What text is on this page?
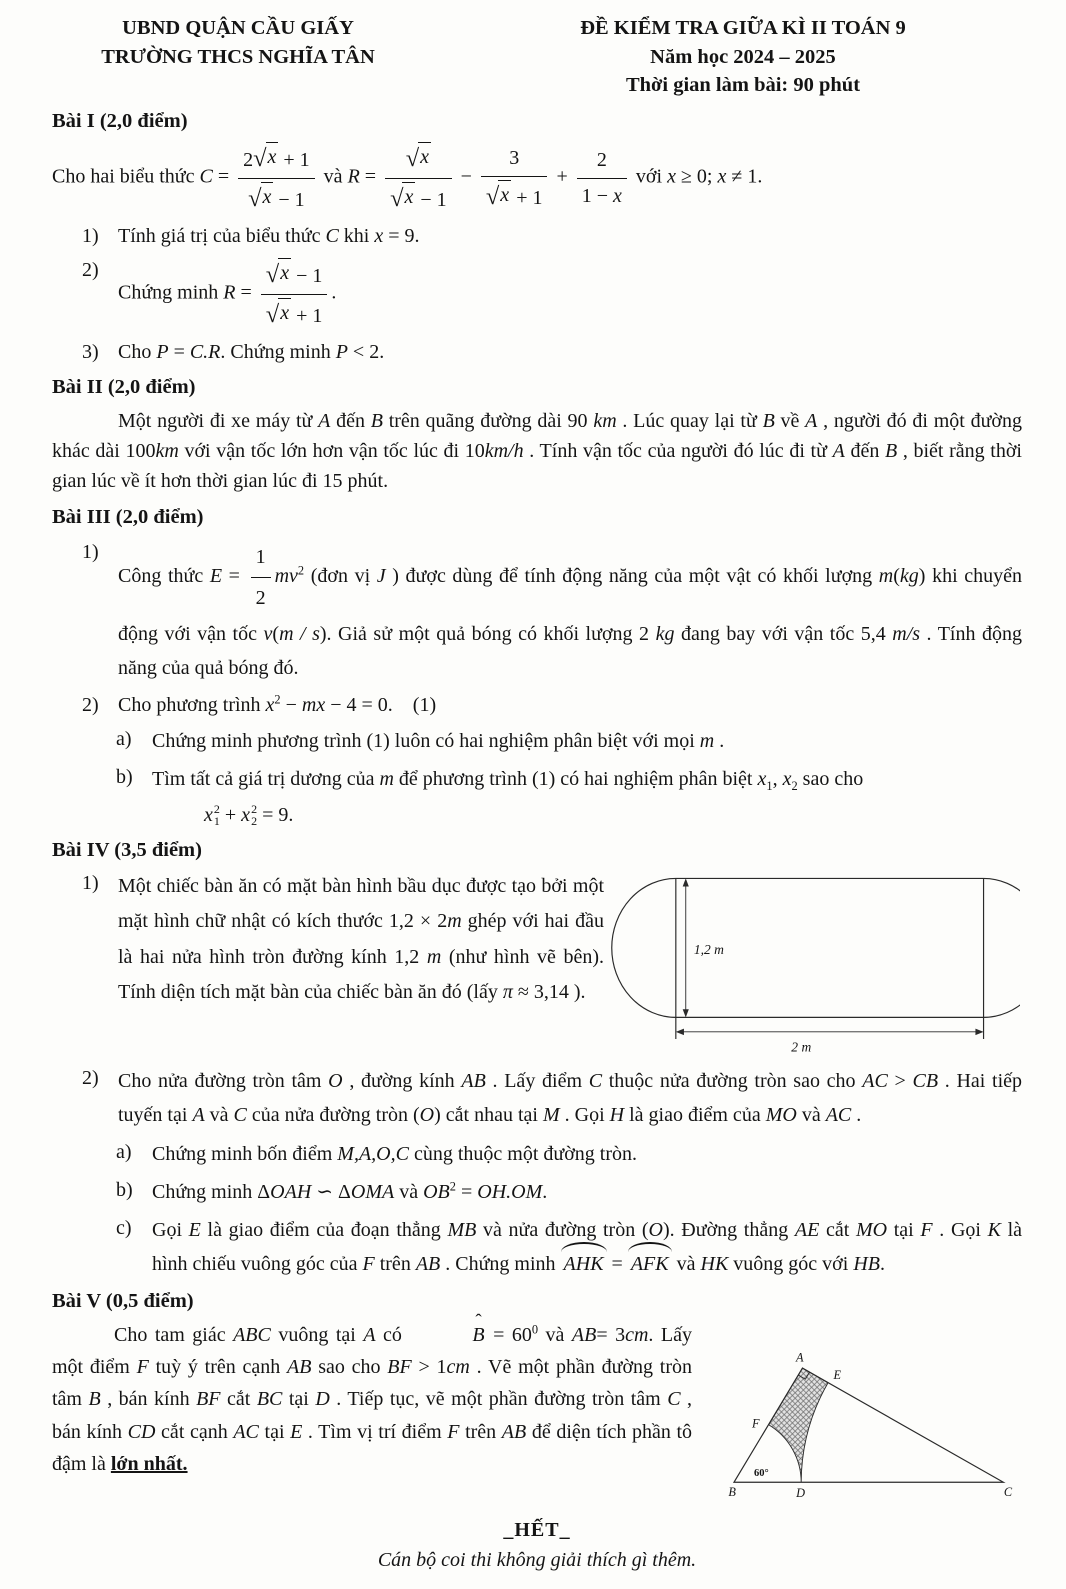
UBND QUẬN CẦU GIẤY
TRƯỜNG THCS NGHĨA TÂN
ĐỀ KIỂM TRA GIỮA KÌ II TOÁN 9
Năm học 2024 – 2025
Thời gian làm bài: 90 phút
Bài I (2,0 điểm)

Cho hai biểu thức $C = \frac{2 √ x + 1}{√ x - 1}$ và $R = \frac{√ x}{√ x - 1} - \frac{3}{√ x + 1} + \frac{2}{1 - x}$ với x ≥ 0; x ≠ 1.

1) Tính giá trị của biểu thức C khi x = 9.
2)
Chứng minh $R = \frac{√ x - 1}{√ x + 1}$ .
3) Cho P = C.R. Chứng minh P < 2.
Bài II (2,0 điểm)

Một người đi xe máy từ A đến B trên quãng đường dài 90 km . Lúc quay lại từ B về A , người đó đi một đường khác dài 100km với vận tốc lớn hơn vận tốc lúc đi 10km/h . Tính vận tốc của người đó lúc đi từ A đến B , biết rằng thời gian lúc về ít hơn thời gian lúc đi 15 phút.

Bài III (2,0 điểm)
1)
Công thức $E = \frac{1}{2} mv^2$ (đơn vị J ) được dùng để tính động năng của một vật có khối lượng m(kg) khi chuyển động với vận tốc v(m / s). Giả sử một quả bóng có khối lượng 2 kg đang bay với vận tốc 5,4 m/s . Tính động năng của quả bóng đó.
2) Cho phương trình $x^2$ − mx − 4 = 0.    (1)
a)	Chứng minh phương trình (1) luôn có hai nghiệm phân biệt với mọi m .
b) Tìm tất cả giá trị dương của m để phương trình (1) có hai nghiệm phân biệt $x_1$, $x_2$ sao cho
x 2
1 + x 2
2 = 9.
Bài IV (3,5 điểm)
1) Một chiếc bàn ăn có mặt bàn hình bầu dục được tạo bởi một mặt hình chữ nhật có kích thước 1,2 × 2m ghép với hai đầu là hai nửa hình tròn đường kính 1,2 m (như hình vẽ bên). Tính diện tích mặt bàn của chiếc bàn ăn đó (lấy π ≈ 3,14 ).
1,2 m
2 m
2) Cho nửa đường tròn tâm O , đường kính AB . Lấy điểm C thuộc nửa đường tròn sao cho AC > CB . Hai tiếp tuyến tại A và C của nửa đường tròn (O) cắt nhau tại M . Gọi H là giao điểm của MO và AC .
a)	Chứng minh bốn điểm M,A,O,C cùng thuộc một đường tròn.
b) Chứng minh ΔOAH ∽ ΔOMA và $OB^2 = OH.OM$.
c)	Gọi E là giao điểm của đoạn thẳng MB và nửa đường tròn (O). Đường thẳng AE cắt MO tại F . Gọi K là hình chiếu vuông góc của F trên AB . Chứng minh AHK = AFK và HK vuông góc với HB.
Bài V (0,5 điểm)

Cho tam giác ABC vuông tại A có	B ˆ = $60^0$ và AB= 3cm. Lấy một điểm F tuỳ ý trên cạnh AB sao cho BF > 1cm . Vẽ một phần đường tròn tâm B , bán kính BF cắt BC tại D . Tiếp tục, vẽ một phần đường tròn tâm C , bán kính CD cắt cạnh AC tại E . Tìm vị trí điểm F trên AB để diện tích phần tô đậm là lớn nhất.

A
E
F
B	D	C
60°
_HẾT_
Cán bộ coi thi không giải thích gì thêm.
